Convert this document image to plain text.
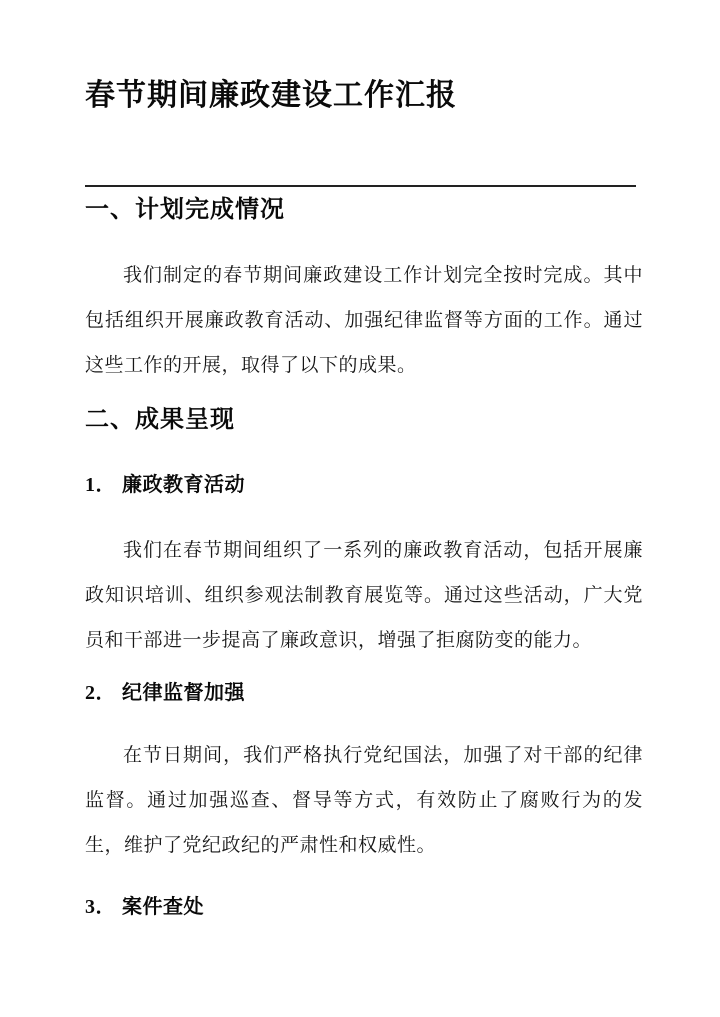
春节期间廉政建设工作汇报
一、计划完成情况

我们制定的春节期间廉政建设工作计划完全按时完成。其中包括组织开展廉政教育活动、加强纪律监督等方面的工作。通过这些工作的开展，取得了以下的成果。

二、成果呈现
1． 廉政教育活动

我们在春节期间组织了一系列的廉政教育活动，包括开展廉政知识培训、组织参观法制教育展览等。通过这些活动，广大党员和干部进一步提高了廉政意识，增强了拒腐防变的能力。

2． 纪律监督加强

在节日期间，我们严格执行党纪国法，加强了对干部的纪律监督。通过加强巡查、督导等方式，有效防止了腐败行为的发生，维护了党纪政纪的严肃性和权威性。

3． 案件查处
